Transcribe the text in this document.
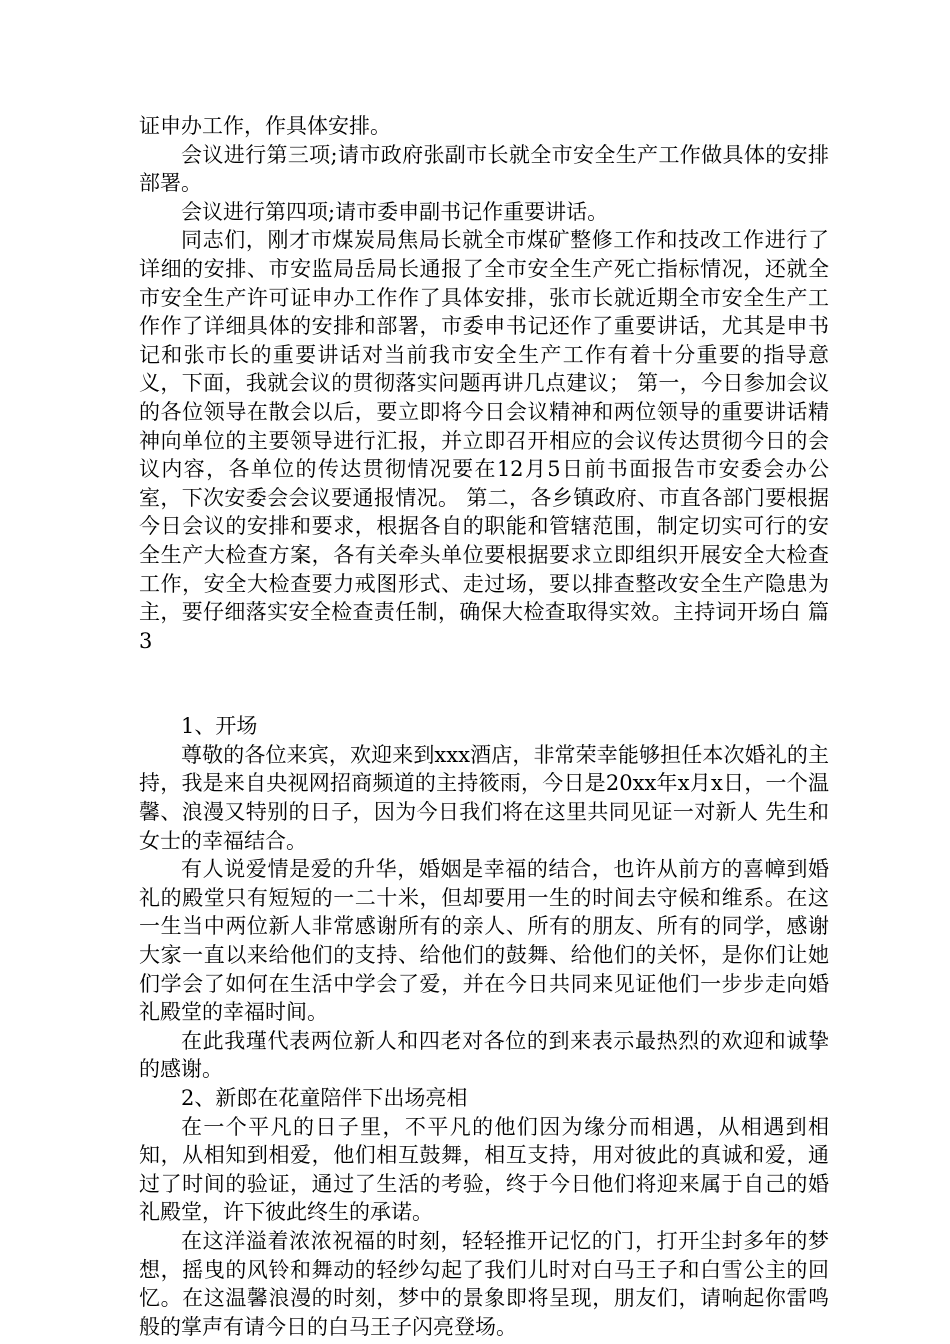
证申办工作，作具体安排。

会议进行第三项;请市政府张副市长就全市安全生产工作做具体的安排部署。

会议进行第四项;请市委申副书记作重要讲话。

同志们，刚才市煤炭局焦局长就全市煤矿整修工作和技改工作进行了详细的安排、市安监局岳局长通报了全市安全生产死亡指标情况，还就全市安全生产许可证申办工作作了具体安排，张市长就近期全市安全生产工作作了详细具体的安排和部署，市委申书记还作了重要讲话，尤其是申书记和张市长的重要讲话对当前我市安全生产工作有着十分重要的指导意义，下面，我就会议的贯彻落实问题再讲几点建议； 第一，今日参加会议的各位领导在散会以后，要立即将今日会议精神和两位领导的重要讲话精神向单位的主要领导进行汇报，并立即召开相应的会议传达贯彻今日的会议内容，各单位的传达贯彻情况要在12月5日前书面报告市安委会办公室，下次安委会会议要通报情况。 第二，各乡镇政府、市直各部门要根据今日会议的安排和要求，根据各自的职能和管辖范围，制定切实可行的安全生产大检查方案，各有关牵头单位要根据要求立即组织开展安全大检查工作，安全大检查要力戒图形式、走过场，要以排查整改安全生产隐患为主，要仔细落实安全检查责任制，确保大检查取得实效。主持词开场白 篇3

1、开场

尊敬的各位来宾，欢迎来到xxx酒店，非常荣幸能够担任本次婚礼的主持，我是来自央视网招商频道的主持筱雨，今日是20xx年x月x日，一个温馨、浪漫又特别的日子，因为今日我们将在这里共同见证一对新人 先生和 女士的幸福结合。

有人说爱情是爱的升华，婚姻是幸福的结合，也许从前方的喜幛到婚礼的殿堂只有短短的一二十米，但却要用一生的时间去守候和维系。在这一生当中两位新人非常感谢所有的亲人、所有的朋友、所有的同学，感谢大家一直以来给他们的支持、给他们的鼓舞、给他们的关怀，是你们让她们学会了如何在生活中学会了爱，并在今日共同来见证他们一步步走向婚礼殿堂的幸福时间。

在此我瑾代表两位新人和四老对各位的到来表示最热烈的欢迎和诚挚的感谢。

2、新郎在花童陪伴下出场亮相

在一个平凡的日子里，不平凡的他们因为缘分而相遇，从相遇到相知，从相知到相爱，他们相互鼓舞，相互支持，用对彼此的真诚和爱，通过了时间的验证，通过了生活的考验，终于今日他们将迎来属于自己的婚礼殿堂，许下彼此终生的承诺。

在这洋溢着浓浓祝福的时刻，轻轻推开记忆的门，打开尘封多年的梦想，摇曳的风铃和舞动的轻纱勾起了我们儿时对白马王子和白雪公主的回忆。在这温馨浪漫的时刻，梦中的景象即将呈现，朋友们，请响起你雷鸣般的掌声有请今日的白马王子闪亮登场。
